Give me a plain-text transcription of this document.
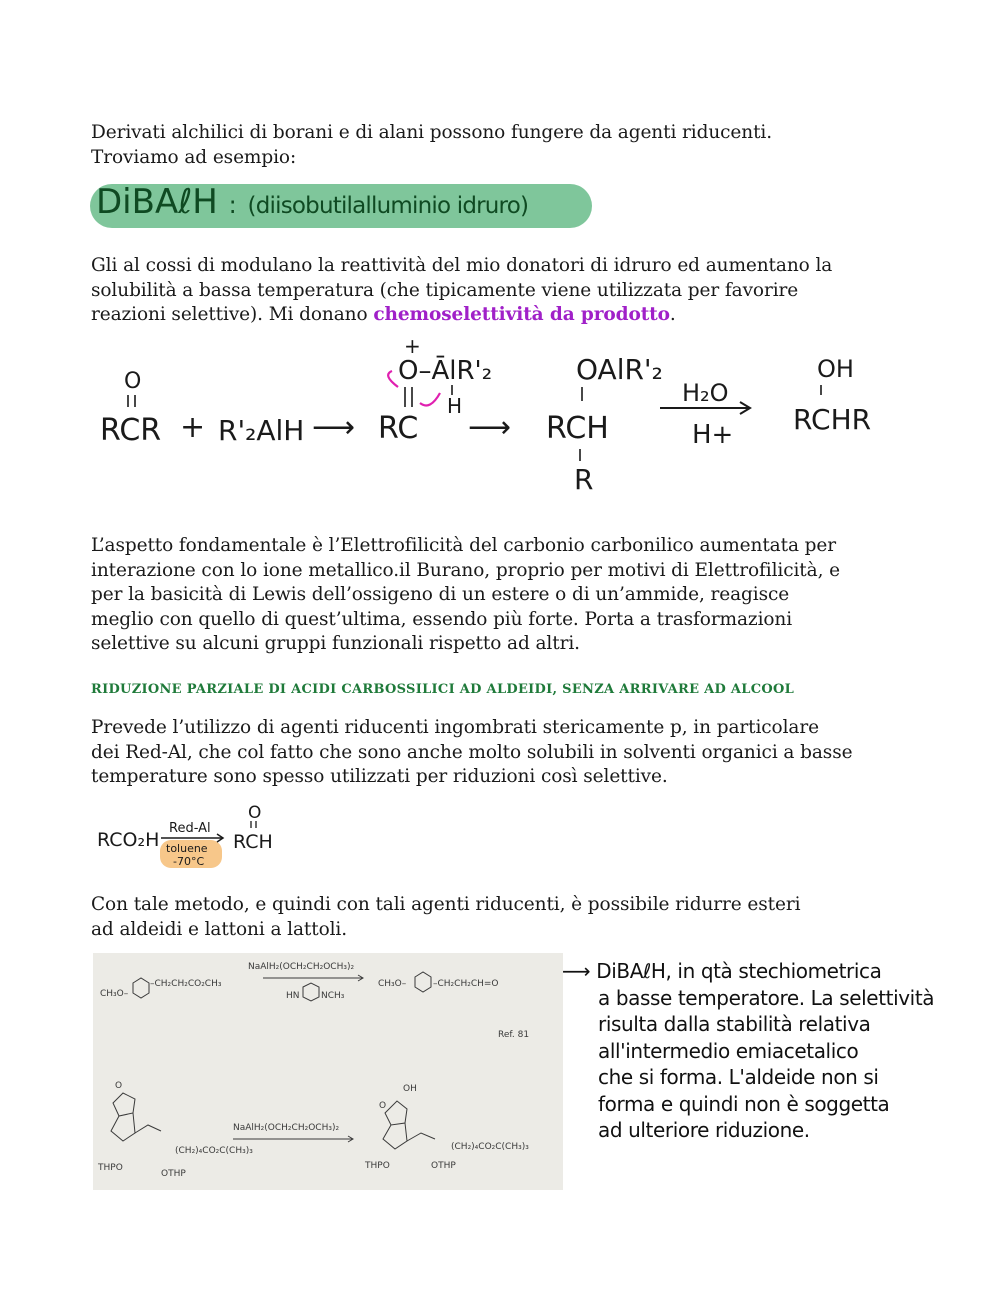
Derivati alchilici di borani e di alani possono fungere da agenti riducenti.
Troviamo ad esempio:
DiBAℓH : (diisobutilalluminio idruro)
Gli al cossi di modulano la reattività del mio donatori di idruro ed aumentano la
solubilità a bassa temperatura (che tipicamente viene utilizzata per favorire
reazioni selettive). Mi donano chemoselettività da prodotto.
O
RCR + R'₂AlH ⟶
+
O–ĀlR'₂
H
RC ⟶
OAlR'₂
RCH
R
H₂O
H+
OH
RCHR
L’aspetto fondamentale è l’Elettrofilicità del carbonio carbonilico aumentata per
interazione con lo ione metallico.il Burano, proprio per motivi di Elettrofilicità, e
per la basicità di Lewis dell’ossigeno di un estere o di un’ammide, reagisce
meglio con quello di quest’ultima, essendo più forte. Porta a trasformazioni
selettive su alcuni gruppi funzionali rispetto ad altri.
RIDUZIONE PARZIALE DI ACIDI CARBOSSILICI AD ALDEIDI, SENZA ARRIVARE AD ALCOOL
Prevede l’utilizzo di agenti riducenti ingombrati stericamente p, in particolare
dei Red-Al, che col fatto che sono anche molto solubili in solventi organici a basse
temperature sono spesso utilizzati per riduzioni così selettive.
RCO₂H
Red-Al
toluene
-70°C
O
RCH
Con tale metodo, e quindi con tali agenti riducenti, è possibile ridurre esteri
ad aldeidi e lattoni a lattoli.
CH₃O–
–CH₂CH₂CO₂CH₃
NaAlH₂(OCH₂CH₂OCH₃)₂
HN NCH₃
CH₃O–	–CH₂CH₂CH=O
Ref. 81
O
(CH₂)₄CO₂C(CH₃)₃
THPO
OTHP
NaAlH₂(OCH₂CH₂OCH₃)₂
OH
O
(CH₂)₄CO₂C(CH₃)₃
THPO	OTHP
⟶ DiBAℓH, in qtà stechiometrica
a basse temperatore. La selettività
risulta dalla stabilità relativa
all'intermedio emiacetalico
che si forma. L'aldeide non si
forma e quindi non è soggetta
ad ulteriore riduzione.
